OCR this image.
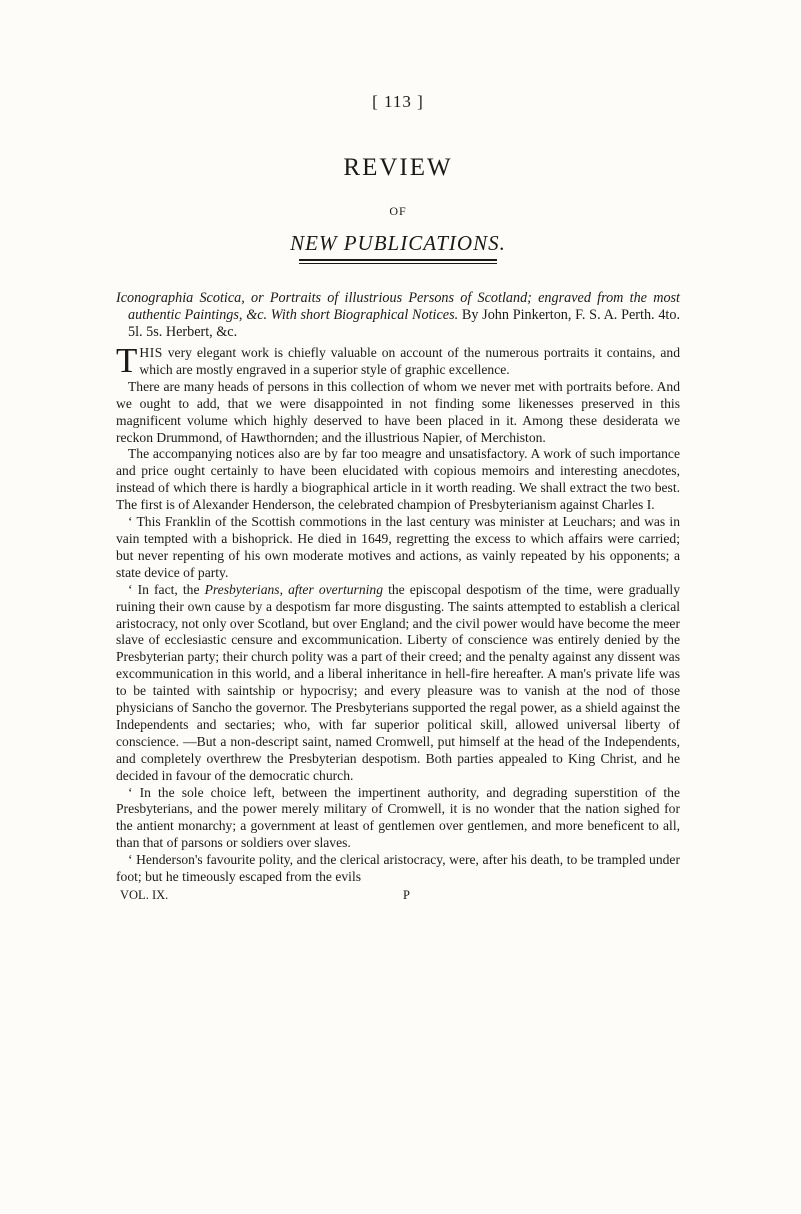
[ 113 ]
REVIEW
OF
NEW PUBLICATIONS.
Iconographia Scotica, or Portraits of illustrious Persons of Scotland; engraved from the most authentic Paintings, &c. With short Biographical Notices. By John Pinkerton, F. S. A. Perth. 4to. 5l. 5s. Herbert, &c.

THIS very elegant work is chiefly valuable on account of the numerous portraits it contains, and which are mostly engraved in a superior style of graphic excellence.

There are many heads of persons in this collection of whom we never met with portraits before. And we ought to add, that we were disappointed in not finding some likenesses preserved in this magnificent volume which highly deserved to have been placed in it. Among these desiderata we reckon Drummond, of Hawthornden; and the illustrious Napier, of Merchiston.

The accompanying notices also are by far too meagre and unsatisfactory. A work of such importance and price ought certainly to have been elucidated with copious memoirs and interesting anecdotes, instead of which there is hardly a biographical article in it worth reading. We shall extract the two best. The first is of Alexander Henderson, the celebrated champion of Presbyterianism against Charles I.

‘ This Franklin of the Scottish commotions in the last century was minister at Leuchars; and was in vain tempted with a bishoprick. He died in 1649, regretting the excess to which affairs were carried; but never repenting of his own moderate motives and actions, as vainly repeated by his opponents; a state device of party.

‘ In fact, the Presbyterians, after overturning the episcopal despotism of the time, were gradually ruining their own cause by a despotism far more disgusting. The saints attempted to establish a clerical aristocracy, not only over Scotland, but over England; and the civil power would have become the meer slave of ecclesiastic censure and excommunication. Liberty of conscience was entirely denied by the Presbyterian party; their church polity was a part of their creed; and the penalty against any dissent was excommunication in this world, and a liberal inheritance in hell-fire hereafter. A man's private life was to be tainted with saintship or hypocrisy; and every pleasure was to vanish at the nod of those physicians of Sancho the governor. The Presbyterians supported the regal power, as a shield against the Independents and sectaries; who, with far superior political skill, allowed universal liberty of conscience. —But a non-descript saint, named Cromwell, put himself at the head of the Independents, and completely overthrew the Presbyterian despotism. Both parties appealed to King Christ, and he decided in favour of the democratic church.

‘ In the sole choice left, between the impertinent authority, and degrading superstition of the Presbyterians, and the power merely military of Cromwell, it is no wonder that the nation sighed for the antient monarchy; a government at least of gentlemen over gentlemen, and more beneficent to all, than that of parsons or soldiers over slaves.

‘ Henderson's favourite polity, and the clerical aristocracy, were, after his death, to be trampled under foot; but he timeously escaped from the evils

VOL. IX.	P
